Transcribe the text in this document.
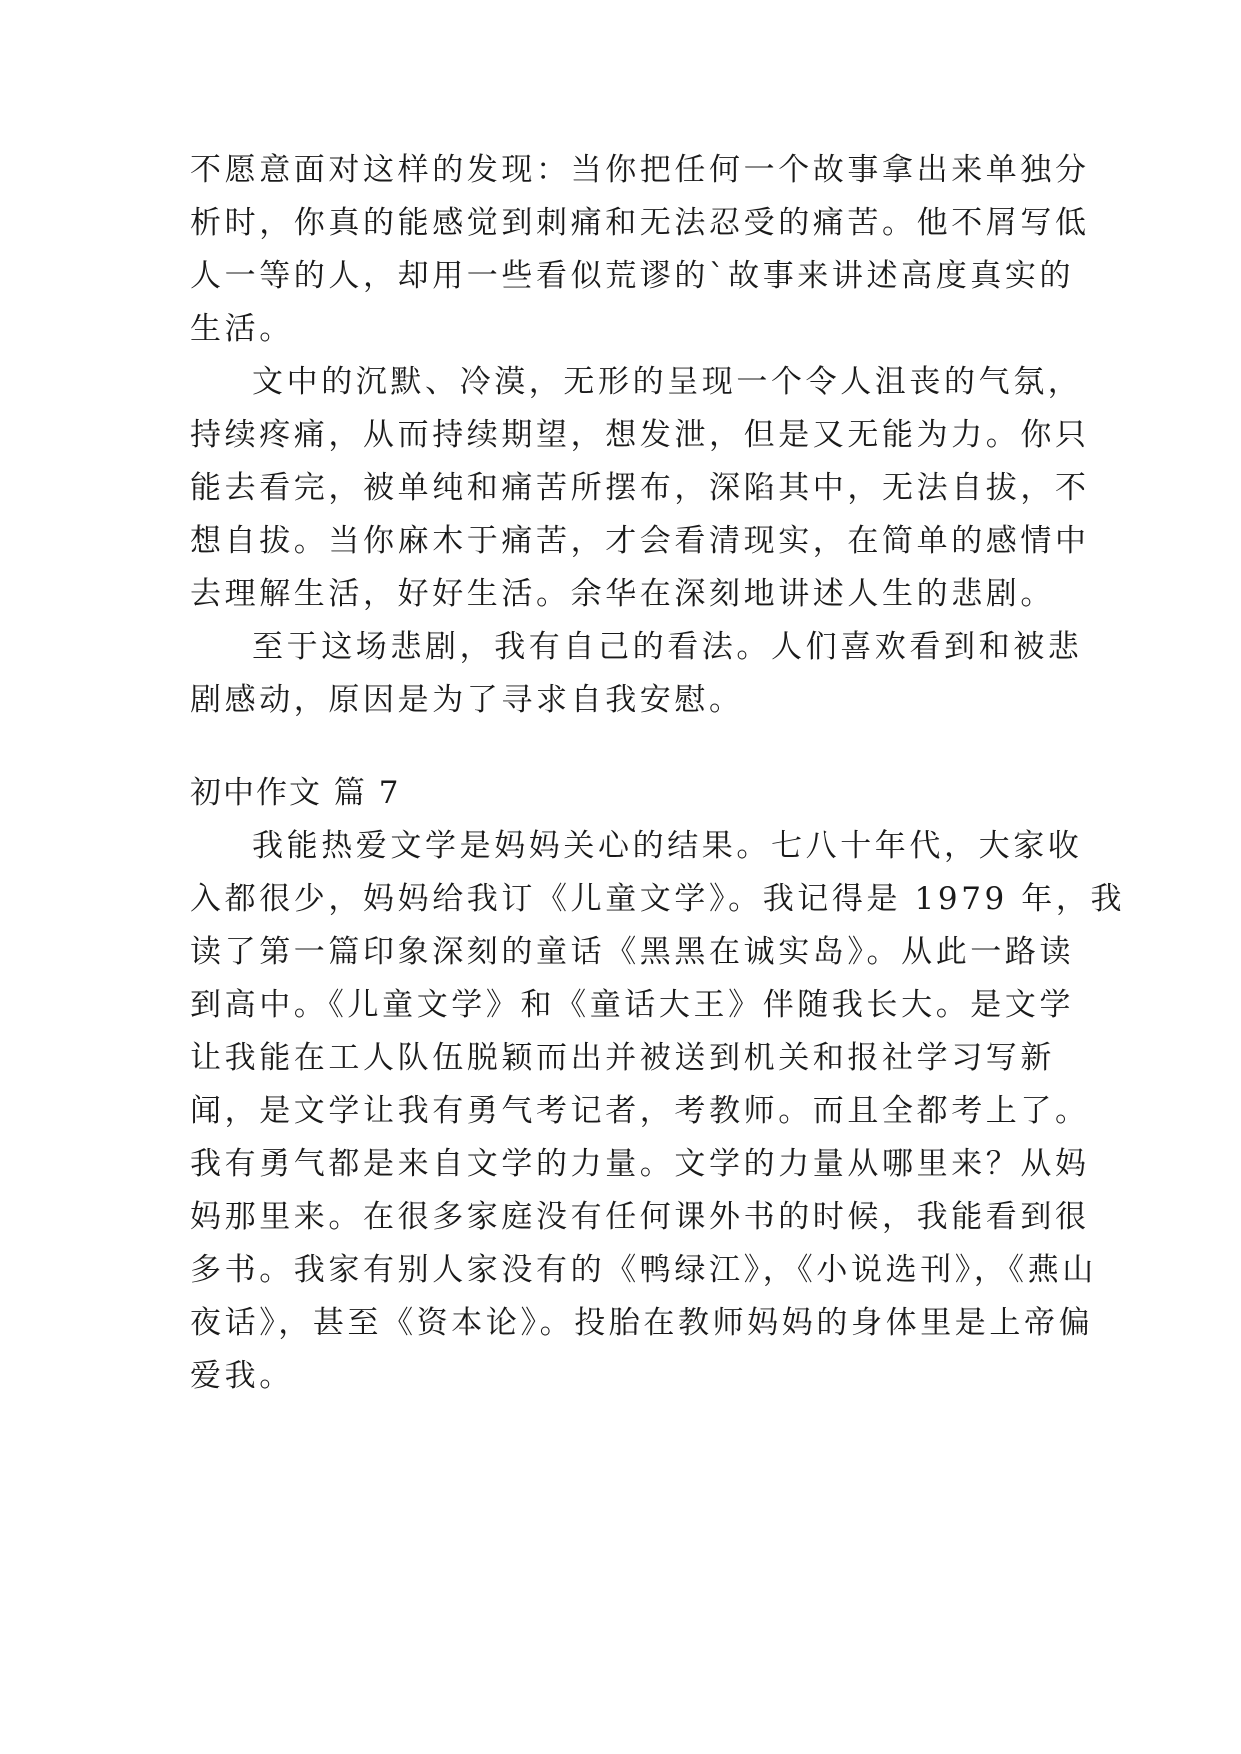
不愿意面对这样的发现：当你把任何一个故事拿出来单独分
析时，你真的能感觉到刺痛和无法忍受的痛苦。他不屑写低
人一等的人，却用一些看似荒谬的`故事来讲述高度真实的
生活。
文中的沉默、冷漠，无形的呈现一个令人沮丧的气氛，
持续疼痛，从而持续期望，想发泄，但是又无能为力。你只
能去看完，被单纯和痛苦所摆布，深陷其中，无法自拔，不
想自拔。当你麻木于痛苦，才会看清现实，在简单的感情中
去理解生活，好好生活。余华在深刻地讲述人生的悲剧。
至于这场悲剧，我有自己的看法。人们喜欢看到和被悲
剧感动，原因是为了寻求自我安慰。
初中作文 篇 7
我能热爱文学是妈妈关心的结果。七八十年代，大家收
入都很少，妈妈给我订《儿童文学》。我记得是 1979 年，我
读了第一篇印象深刻的童话《黑黑在诚实岛》。从此一路读
到高中。《儿童文学》和《童话大王》伴随我长大。是文学
让我能在工人队伍脱颖而出并被送到机关和报社学习写新
闻，是文学让我有勇气考记者，考教师。而且全都考上了。
我有勇气都是来自文学的力量。文学的力量从哪里来？从妈
妈那里来。在很多家庭没有任何课外书的时候，我能看到很
多书。我家有别人家没有的《鸭绿江》，《小说选刊》，《燕山
夜话》，甚至《资本论》。投胎在教师妈妈的身体里是上帝偏
爱我。
